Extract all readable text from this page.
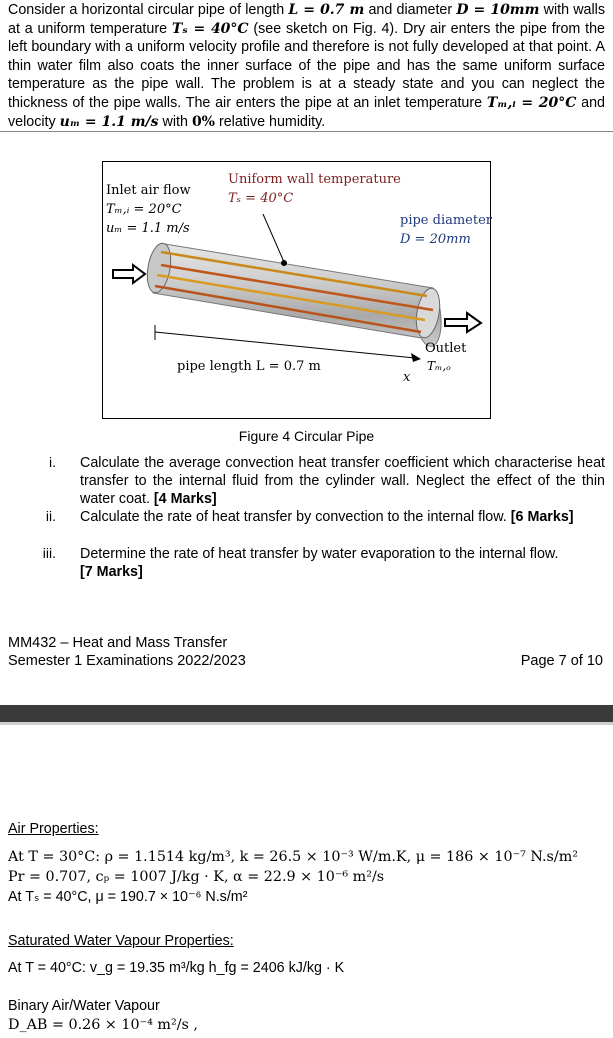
Consider a horizontal circular pipe of length L = 0.7 m and diameter D = 10mm with walls at a uniform temperature Tₛ = 40°C (see sketch on Fig. 4). Dry air enters the pipe from the left boundary with a uniform velocity profile and therefore is not fully developed at that point. A thin water film also coats the inner surface of the pipe and has the same uniform surface temperature as the pipe wall. The problem is at a steady state and you can neglect the thickness of the pipe walls. The air enters the pipe at an inlet temperature Tₘ,ᵢ = 20°C and velocity uₘ = 1.1 m/s with 0% relative humidity.
Inlet air flow
Tₘ,ᵢ = 20°C
uₘ = 1.1 m/s
Uniform wall temperature
Tₛ = 40°C
pipe diameter
D = 20mm
Outlet
Tₘ,ₒ
pipe length L = 0.7 m
x
Figure 4 Circular Pipe
i. Calculate the average convection heat transfer coefficient which characterise heat transfer to the internal fluid from the cylinder wall. Neglect the effect of the thin water coat. [4 Marks]
ii. Calculate the rate of heat transfer by convection to the internal flow. [6 Marks]
iii. Determine the rate of heat transfer by water evaporation to the internal flow.
[7 Marks]
MM432 – Heat and Mass Transfer
Semester 1 Examinations 2022/2023	Page 7 of 10
Air Properties:
At T = 30°C: ρ = 1.1514 kg/m³, k = 26.5 × 10⁻³ W/m.K, μ = 186 × 10⁻⁷ N.s/m²
Pr = 0.707, cₚ = 1007 J/kg · K, α = 22.9 × 10⁻⁶ m²/s
At Tₛ = 40°C, μ = 190.7 × 10⁻⁶ N.s/m²
Saturated Water Vapour Properties:
At T = 40°C: v_g = 19.35 m³/kg h_fg = 2406 kJ/kg · K
Binary Air/Water Vapour
D_AB = 0.26 × 10⁻⁴ m²/s ,
